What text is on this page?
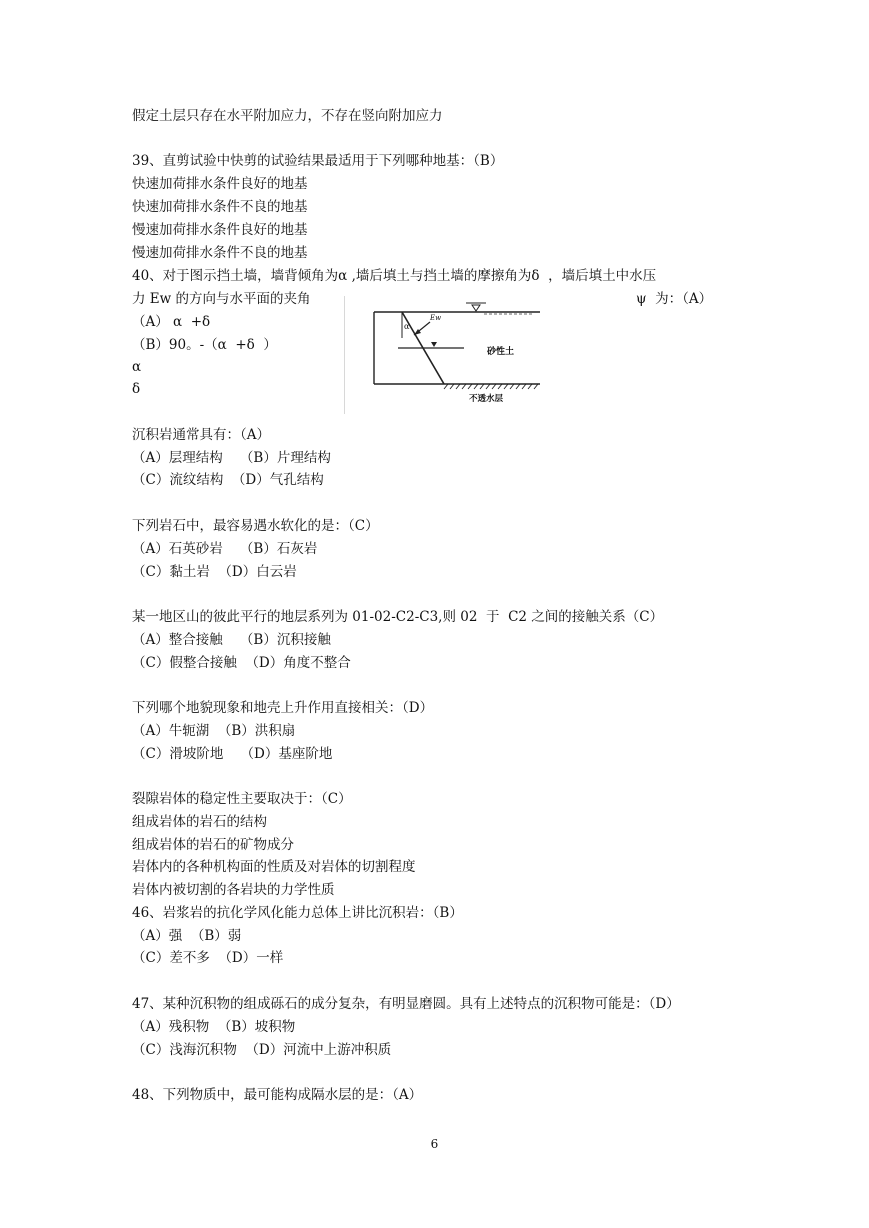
假定土层只存在水平附加应力，不存在竖向附加应力
39、直剪试验中快剪的试验结果最适用于下列哪种地基：（B）
快速加荷排水条件良好的地基
快速加荷排水条件不良的地基
慢速加荷排水条件良好的地基
慢速加荷排水条件不良的地基
40、对于图示挡土墙，墙背倾角为α ,墙后填土与挡土墙的摩擦角为δ  ，墙后填土中水压
力 Ew 的方向与水平面的夹角	ψ  为：（A）
（A） α  +δ
（B）90。-（α  +δ  ）
α
δ
α
Ew
砂性土
不透水层
沉积岩通常具有：（A）
（A）层理结构    （B）片理结构
（C）流纹结构  （D）气孔结构
下列岩石中，最容易遇水软化的是：（C）
（A）石英砂岩    （B）石灰岩
（C）黏土岩  （D）白云岩
某一地区山的彼此平行的地层系列为 01-02-C2-C3,则 02  于  C2 之间的接触关系（C）
（A）整合接触    （B）沉积接触
（C）假整合接触  （D）角度不整合
下列哪个地貌现象和地壳上升作用直接相关：（D）
（A）牛轭湖  （B）洪积扇
（C）滑坡阶地    （D）基座阶地
裂隙岩体的稳定性主要取决于：（C）
组成岩体的岩石的结构
组成岩体的岩石的矿物成分
岩体内的各种机构面的性质及对岩体的切割程度
岩体内被切割的各岩块的力学性质
46、岩浆岩的抗化学风化能力总体上讲比沉积岩：（B）
（A）强  （B）弱
（C）差不多  （D）一样
47、某种沉积物的组成砾石的成分复杂，有明显磨圆。具有上述特点的沉积物可能是：（D）
（A）残积物  （B）坡积物
（C）浅海沉积物  （D）河流中上游冲积质
48、下列物质中，最可能构成隔水层的是：（A）
6
